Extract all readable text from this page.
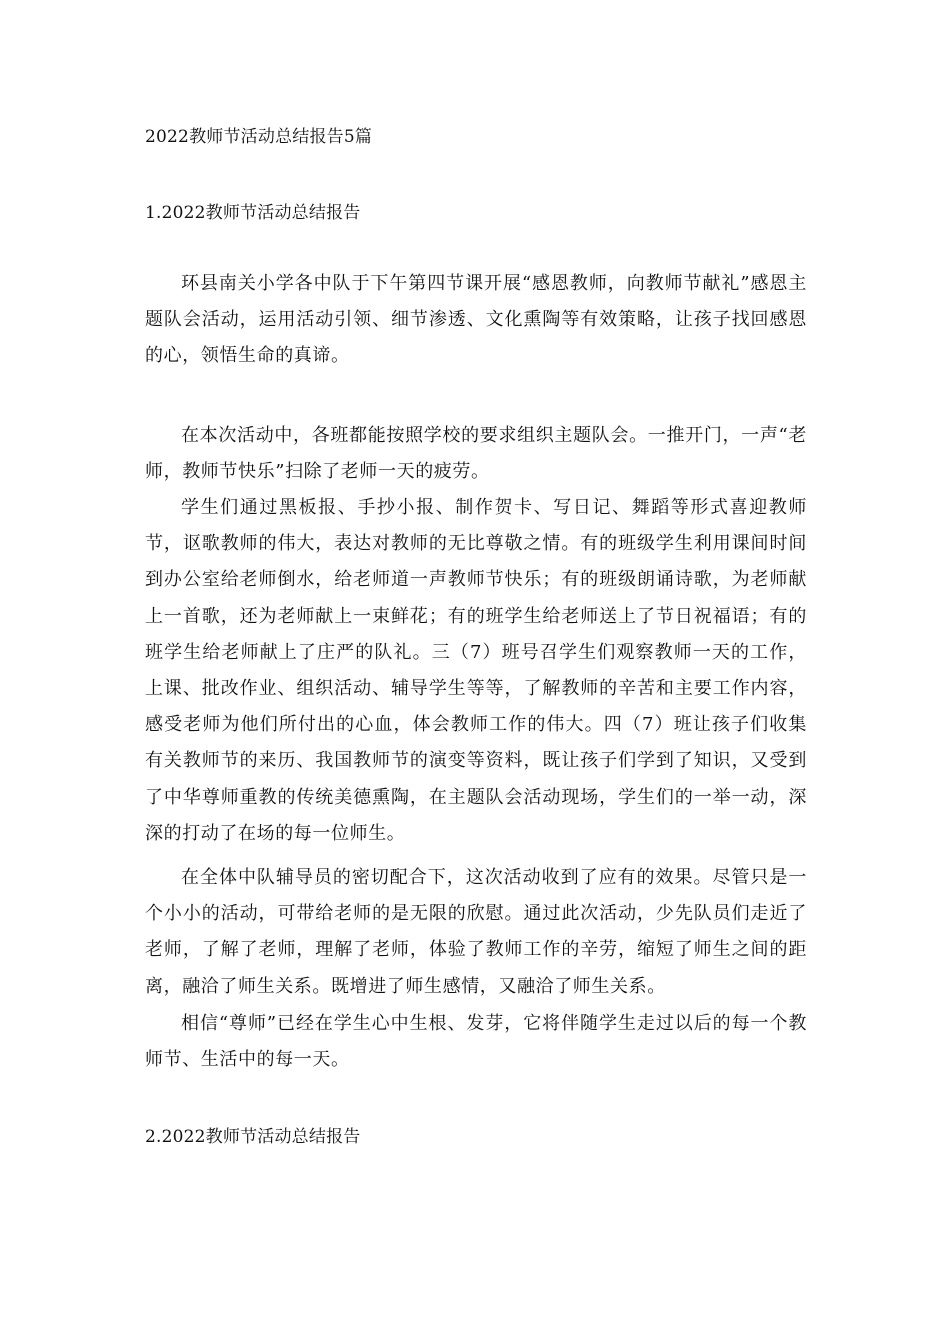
2022教师节活动总结报告5篇
1.2022教师节活动总结报告

环县南关小学各中队于下午第四节课开展“感恩教师，向教师节献礼”感恩主题队会活动，运用活动引领、细节渗透、文化熏陶等有效策略，让孩子找回感恩的心，领悟生命的真谛。

在本次活动中，各班都能按照学校的要求组织主题队会。一推开门，一声“老师，教师节快乐”扫除了老师一天的疲劳。

学生们通过黑板报、手抄小报、制作贺卡、写日记、舞蹈等形式喜迎教师节，讴歌教师的伟大，表达对教师的无比尊敬之情。有的班级学生利用课间时间到办公室给老师倒水，给老师道一声教师节快乐；有的班级朗诵诗歌，为老师献上一首歌，还为老师献上一束鲜花；有的班学生给老师送上了节日祝福语；有的班学生给老师献上了庄严的队礼。三（7）班号召学生们观察教师一天的工作，上课、批改作业、组织活动、辅导学生等等，了解教师的辛苦和主要工作内容，感受老师为他们所付出的心血，体会教师工作的伟大。四（7）班让孩子们收集有关教师节的来历、我国教师节的演变等资料，既让孩子们学到了知识，又受到了中华尊师重教的传统美德熏陶，在主题队会活动现场，学生们的一举一动，深深的打动了在场的每一位师生。

在全体中队辅导员的密切配合下，这次活动收到了应有的效果。尽管只是一个小小的活动，可带给老师的是无限的欣慰。通过此次活动，少先队员们走近了老师，了解了老师，理解了老师，体验了教师工作的辛劳，缩短了师生之间的距离，融洽了师生关系。既增进了师生感情，又融洽了师生关系。

相信“尊师”已经在学生心中生根、发芽，它将伴随学生走过以后的每一个教师节、生活中的每一天。

2.2022教师节活动总结报告
